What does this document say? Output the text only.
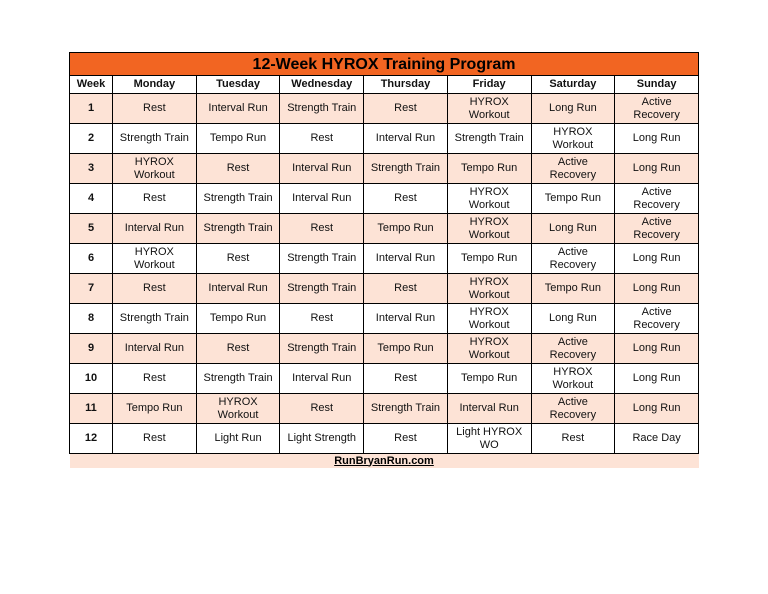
12-Week HYROX Training Program							
Week	Monday	Tuesday	Wednesday	Thursday	Friday	Saturday	Sunday
1	Rest	Interval Run	Strength Train	Rest	HYROX Workout	Long Run	Active Recovery
2	Strength Train	Tempo Run	Rest	Interval Run	Strength Train	HYROX Workout	Long Run
3	HYROX Workout	Rest	Interval Run	Strength Train	Tempo Run	Active Recovery	Long Run
4	Rest	Strength Train	Interval Run	Rest	HYROX Workout	Tempo Run	Active Recovery
5	Interval Run	Strength Train	Rest	Tempo Run	HYROX Workout	Long Run	Active Recovery
6	HYROX Workout	Rest	Strength Train	Interval Run	Tempo Run	Active Recovery	Long Run
7	Rest	Interval Run	Strength Train	Rest	HYROX Workout	Tempo Run	Long Run
8	Strength Train	Tempo Run	Rest	Interval Run	HYROX Workout	Long Run	Active Recovery
9	Interval Run	Rest	Strength Train	Tempo Run	HYROX Workout	Active Recovery	Long Run
10	Rest	Strength Train	Interval Run	Rest	Tempo Run	HYROX Workout	Long Run
11	Tempo Run	HYROX Workout	Rest	Strength Train	Interval Run	Active Recovery	Long Run
12	Rest	Light Run	Light Strength	Rest	Light HYROX WO	Rest	Race Day
RunBryanRun.com							
